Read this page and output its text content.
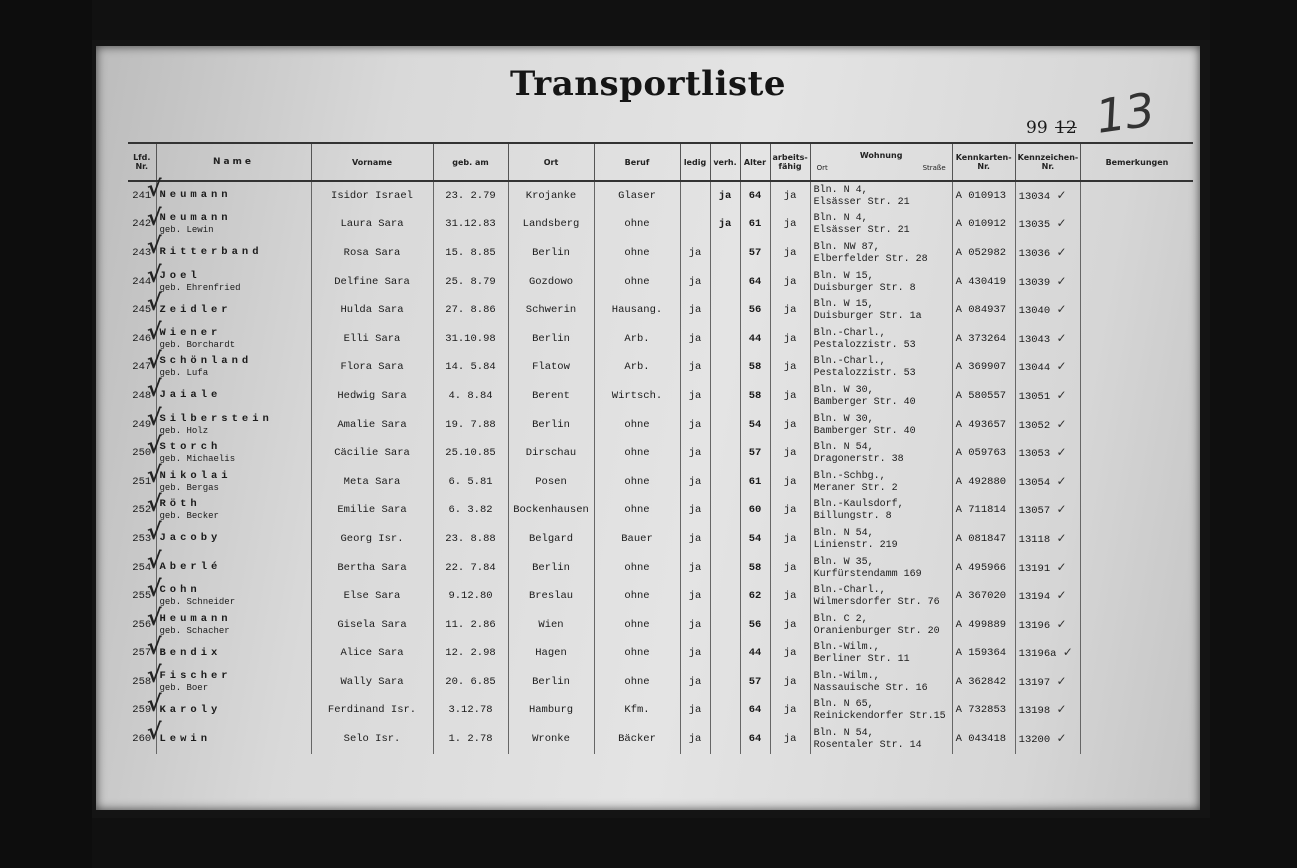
Transportliste
99 12 13
Lfd. Nr.	Name	Vorname	geb. am	Ort	Beruf	ledig	verh.	Alter	arbeits-fähig	Wohnung
Ort Straße	Kennkarten-Nr.	Kennzeichen-Nr.	Bemerkungen
241
√	Neumann	Isidor Israel	23. 2.79	Krojanke	Glaser		ja	64	ja	Bln. N 4,
Elsässer Str. 21	A 010913	13034 ✓	
242
√	Neumann
geb. Lewin	Laura Sara	31.12.83	Landsberg	ohne		ja	61	ja	Bln. N 4,
Elsässer Str. 21	A 010912	13035 ✓	
243
√	Ritterband	Rosa Sara	15. 8.85	Berlin	ohne	ja		57	ja	Bln. NW 87,
Elberfelder Str. 28	A 052982	13036 ✓	
244
√	Joel
geb. Ehrenfried	Delfine Sara	25. 8.79	Gozdowo	ohne	ja		64	ja	Bln. W 15,
Duisburger Str. 8	A 430419	13039 ✓	
245
√	Zeidler	Hulda Sara	27. 8.86	Schwerin	Hausang.	ja		56	ja	Bln. W 15,
Duisburger Str. 1a	A 084937	13040 ✓	
246
√	Wiener
geb. Borchardt	Elli Sara	31.10.98	Berlin	Arb.	ja		44	ja	Bln.-Charl.,
Pestalozzistr. 53	A 373264	13043 ✓	
247
√	Schönland
geb. Lufa	Flora Sara	14. 5.84	Flatow	Arb.	ja		58	ja	Bln.-Charl.,
Pestalozzistr. 53	A 369907	13044 ✓	
248
√	Jaiale	Hedwig Sara	4. 8.84	Berent	Wirtsch.	ja		58	ja	Bln. W 30,
Bamberger Str. 40	A 580557	13051 ✓	
249
√	Silberstein
geb. Holz	Amalie Sara	19. 7.88	Berlin	ohne	ja		54	ja	Bln. W 30,
Bamberger Str. 40	A 493657	13052 ✓	
250
√	Storch
geb. Michaelis	Cäcilie Sara	25.10.85	Dirschau	ohne	ja		57	ja	Bln. N 54,
Dragonerstr. 38	A 059763	13053 ✓	
251
√	Nikolai
geb. Bergas	Meta Sara	6. 5.81	Posen	ohne	ja		61	ja	Bln.-Schbg.,
Meraner Str. 2	A 492880	13054 ✓	
252
√	Röth
geb. Becker	Emilie Sara	6. 3.82	Bockenhausen	ohne	ja		60	ja	Bln.-Kaulsdorf,
Billungstr. 8	A 711814	13057 ✓	
253
√	Jacoby	Georg Isr.	23. 8.88	Belgard	Bauer	ja		54	ja	Bln. N 54,
Linienstr. 219	A 081847	13118 ✓	
254
√	Aberlé	Bertha Sara	22. 7.84	Berlin	ohne	ja		58	ja	Bln. W 35,
Kurfürstendamm 169	A 495966	13191 ✓	
255
√	Cohn
geb. Schneider	Else Sara	9.12.80	Breslau	ohne	ja		62	ja	Bln.-Charl.,
Wilmersdorfer Str. 76	A 367020	13194 ✓	
256
√	Heumann
geb. Schacher	Gisela Sara	11. 2.86	Wien	ohne	ja		56	ja	Bln. C 2,
Oranienburger Str. 20	A 499889	13196 ✓	
257
√	Bendix	Alice Sara	12. 2.98	Hagen	ohne	ja		44	ja	Bln.-Wilm.,
Berliner Str. 11	A 159364	13196a ✓	
258
√	Fischer
geb. Boer	Wally Sara	20. 6.85	Berlin	ohne	ja		57	ja	Bln.-Wilm.,
Nassauische Str. 16	A 362842	13197 ✓	
259
√	Karoly	Ferdinand Isr.	3.12.78	Hamburg	Kfm.	ja		64	ja	Bln. N 65,
Reinickendorfer Str.15	A 732853	13198 ✓	
260
√	Lewin	Selo Isr.	1. 2.78	Wronke	Bäcker	ja		64	ja	Bln. N 54,
Rosentaler Str. 14	A 043418	13200 ✓	
